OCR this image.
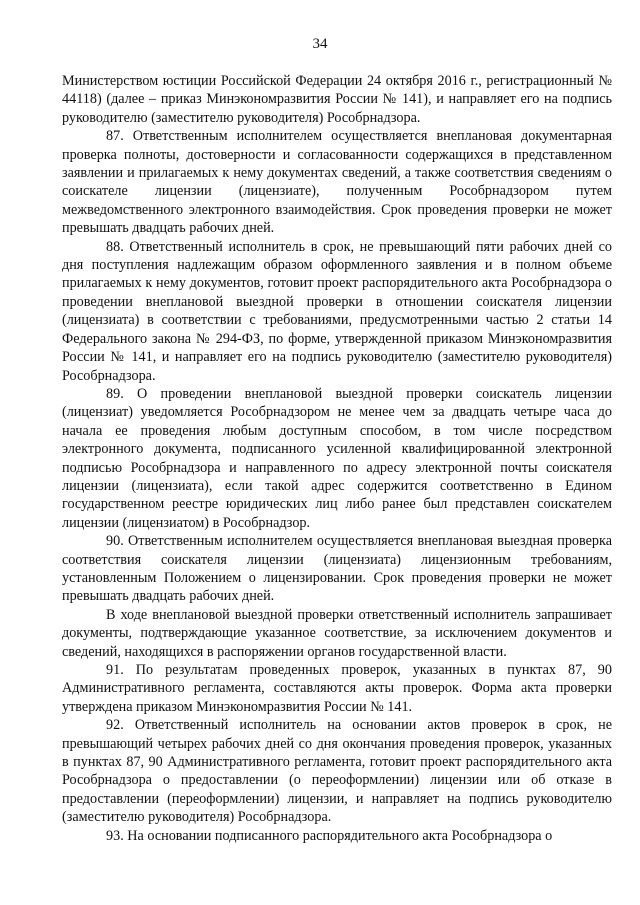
34

Министерством юстиции Российской Федерации 24 октября 2016 г., регистрационный № 44118) (далее – приказ Минэкономразвития России № 141), и направляет его на подпись руководителю (заместителю руководителя) Рособрнадзора.

87. Ответственным исполнителем осуществляется внеплановая документарная проверка полноты, достоверности и согласованности содержащихся в представленном заявлении и прилагаемых к нему документах сведений, а также соответствия сведениям о соискателе лицензии (лицензиате), полученным Рособрнадзором путем межведомственного электронного взаимодействия. Срок проведения проверки не может превышать двадцать рабочих дней.

88. Ответственный исполнитель в срок, не превышающий пяти рабочих дней со дня поступления надлежащим образом оформленного заявления и в полном объеме прилагаемых к нему документов, готовит проект распорядительного акта Рособрнадзора о проведении внеплановой выездной проверки в отношении соискателя лицензии (лицензиата) в соответствии с требованиями, предусмотренными частью 2 статьи 14 Федерального закона № 294-ФЗ, по форме, утвержденной приказом Минэкономразвития России № 141, и направляет его на подпись руководителю (заместителю руководителя) Рособрнадзора.

89. О проведении внеплановой выездной проверки соискатель лицензии (лицензиат) уведомляется Рособрнадзором не менее чем за двадцать четыре часа до начала ее проведения любым доступным способом, в том числе посредством электронного документа, подписанного усиленной квалифицированной электронной подписью Рособрнадзора и направленного по адресу электронной почты соискателя лицензии (лицензиата), если такой адрес содержится соответственно в Едином государственном реестре юридических лиц либо ранее был представлен соискателем лицензии (лицензиатом) в Рособрнадзор.

90. Ответственным исполнителем осуществляется внеплановая выездная проверка соответствия соискателя лицензии (лицензиата) лицензионным требованиям, установленным Положением о лицензировании. Срок проведения проверки не может превышать двадцать рабочих дней.

В ходе внеплановой выездной проверки ответственный исполнитель запрашивает документы, подтверждающие указанное соответствие, за исключением документов и сведений, находящихся в распоряжении органов государственной власти.

91. По результатам проведенных проверок, указанных в пунктах 87, 90 Административного регламента, составляются акты проверок. Форма акта проверки утверждена приказом Минэкономразвития России № 141.

92. Ответственный исполнитель на основании актов проверок в срок, не превышающий четырех рабочих дней со дня окончания проведения проверок, указанных в пунктах 87, 90 Административного регламента, готовит проект распорядительного акта Рособрнадзора о предоставлении (о переоформлении) лицензии или об отказе в предоставлении (переоформлении) лицензии, и направляет на подпись руководителю (заместителю руководителя) Рособрнадзора.

93. На основании подписанного распорядительного акта Рособрнадзора о
